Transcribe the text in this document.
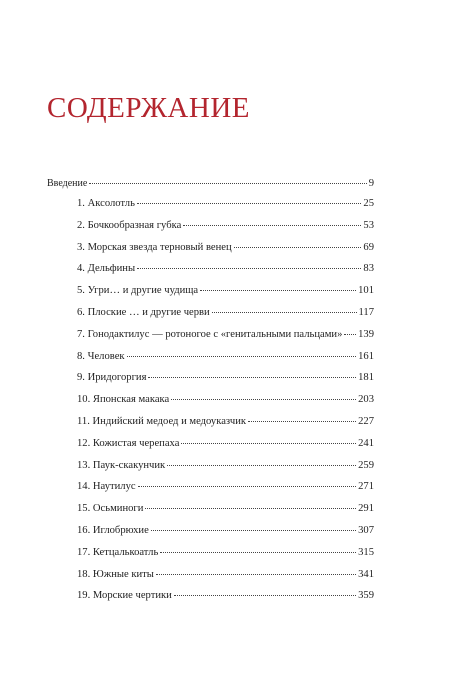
СОДЕРЖАНИЕ
Введение	9
1. Аксолотль	25
2. Бочкообразная губка	53
3. Морская звезда терновый венец	69
4. Дельфины	83
5. Угри… и другие чудища	101
6. Плоские … и другие черви	117
7. Гонодактилус — ротоногое с «генитальными пальцами» 139
8. Человек	161
9. Иридогоргия	181
10. Японская макака	203
11. Индийский медоед и медоуказчик	227
12. Кожистая черепаха	241
13. Паук-скакунчик	259
14. Наутилус	271
15. Осьминоги	291
16. Иглобрюхие	307
17. Кетцалькоатль	315
18. Южные киты	341
19. Морские чертики	359
